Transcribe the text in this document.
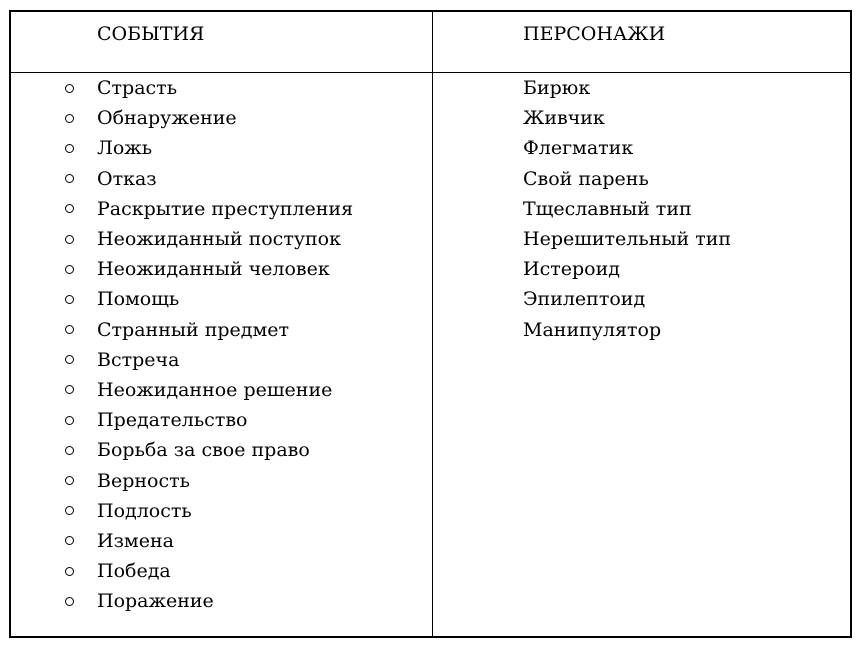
СОБЫТИЯ	ПЕРСОНАЖИ
Страсть
Обнаружение
Ложь
Отказ
Раскрытие преступления
Неожиданный поступок
Неожиданный человек
Помощь
Странный предмет
Встреча
Неожиданное решение
Предательство
Борьба за свое право
Верность
Подлость
Измена
Победа
Поражение
Бирюк
Живчик
Флегматик
Свой парень
Тщеславный тип
Нерешительный тип
Истероид
Эпилептоид
Манипулятор
